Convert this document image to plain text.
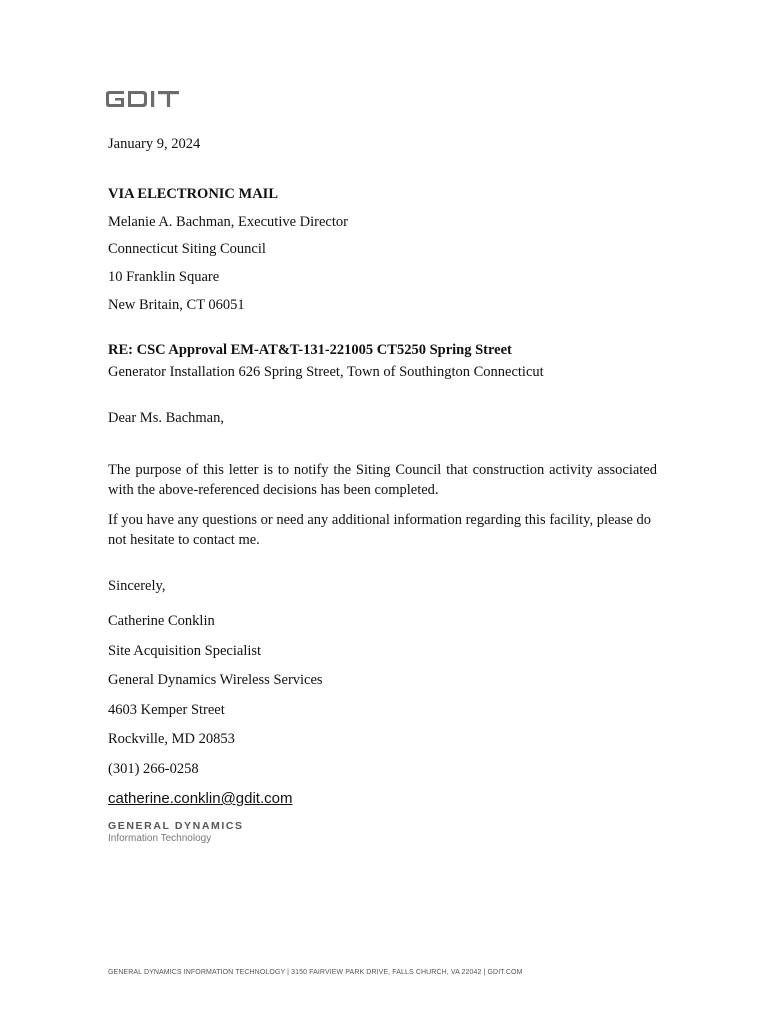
January 9, 2024
VIA ELECTRONIC MAIL
Melanie A. Bachman, Executive Director
Connecticut Siting Council
10 Franklin Square
New Britain, CT 06051
RE: CSC Approval EM-AT&T-131-221005 CT5250 Spring Street
Generator Installation 626 Spring Street, Town of Southington Connecticut
Dear Ms. Bachman,
The purpose of this letter is to notify the Siting Council that construction activity associated with the above-referenced decisions has been completed.
If you have any questions or need any additional information regarding this facility, please do not hesitate to contact me.
Sincerely,
Catherine Conklin
Site Acquisition Specialist
General Dynamics Wireless Services
4603 Kemper Street
Rockville, MD 20853
(301) 266-0258
catherine.conklin@gdit.com
GENERAL DYNAMICS
Information Technology
GENERAL DYNAMICS INFORMATION TECHNOLOGY | 3150 FAIRVIEW PARK DRIVE, FALLS CHURCH, VA 22042 | GDIT.COM
